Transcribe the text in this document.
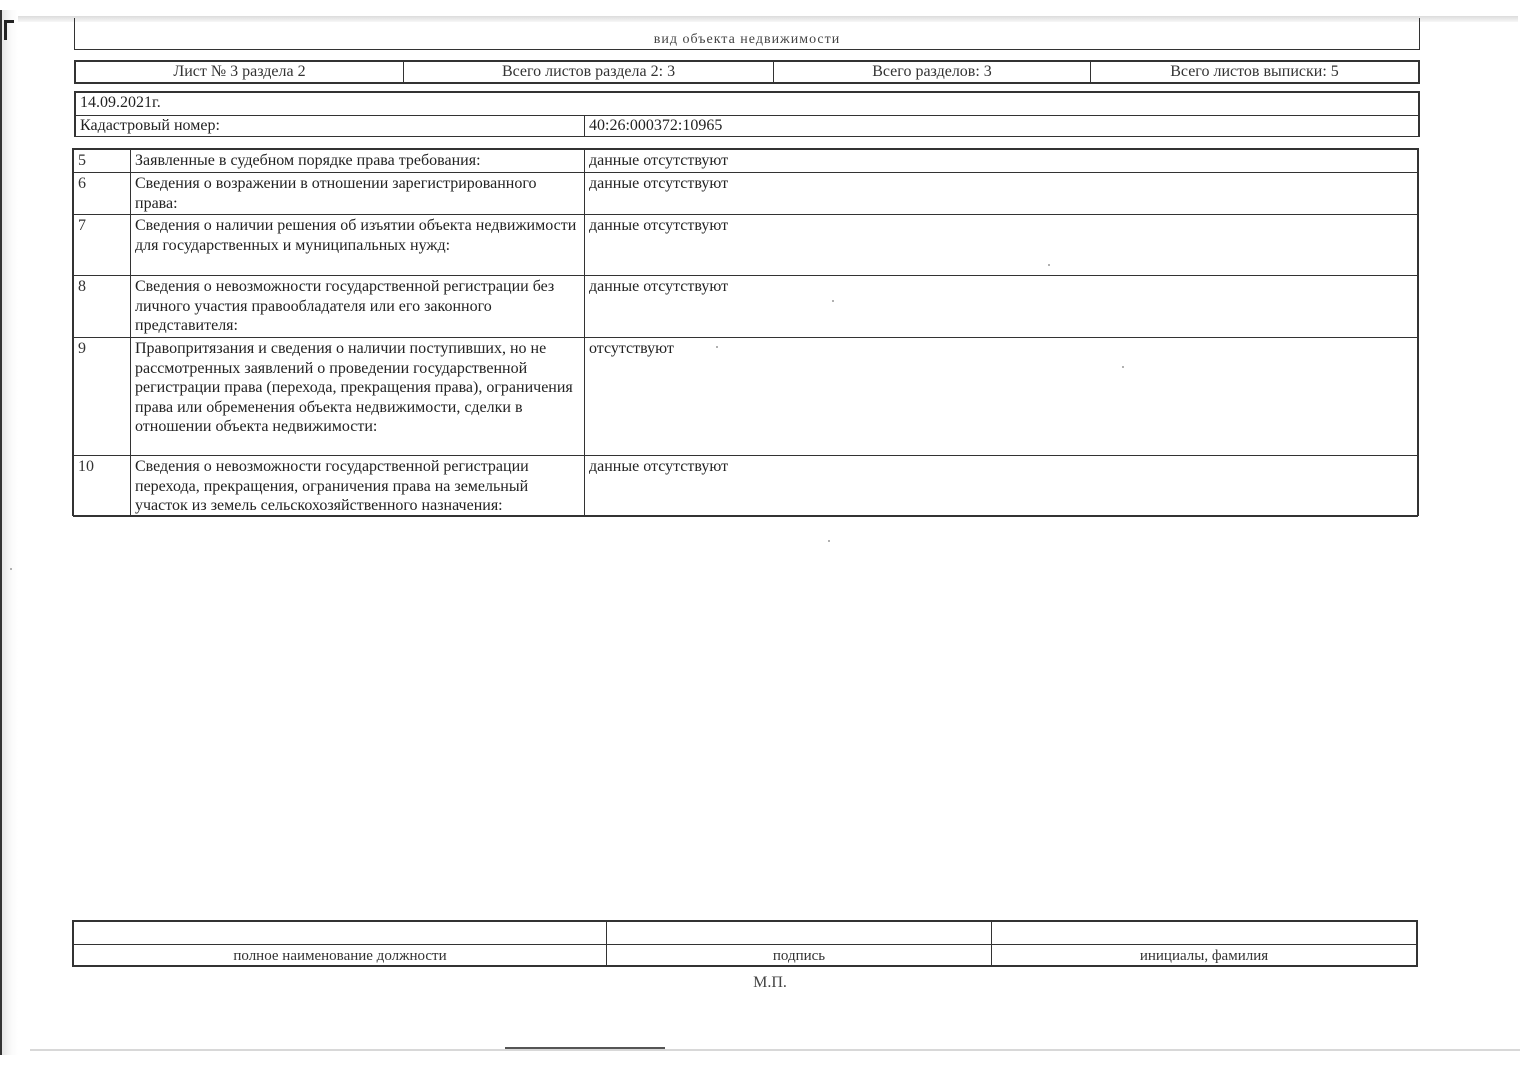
вид объекта недвижимости
Лист № 3 раздела 2	Всего листов раздела 2: 3	Всего разделов: 3	Всего листов выписки: 5
14.09.2021г.
Кадастровый номер:	40:26:000372:10965
5	Заявленные в судебном порядке права требования:	данные отсутствуют
6	Сведения о возражении в отношении зарегистрированного права:	данные отсутствуют
7	Сведения о наличии решения об изъятии объекта недвижимости для государственных и муниципальных нужд:	данные отсутствуют
8	Сведения о невозможности государственной регистрации без личного участия правообладателя или его законного представителя:	данные отсутствуют
9	Правопритязания и сведения о наличии поступивших, но не рассмотренных заявлений о проведении государственной регистрации права (перехода, прекращения права), ограничения права или обременения объекта недвижимости, сделки в отношении объекта недвижимости:	отсутствуют
10	Сведения о невозможности государственной регистрации перехода, прекращения, ограничения права на земельный участок из земель сельскохозяйственного назначения:	данные отсутствуют

полное наименование должности	подпись	инициалы, фамилия
М.П.
